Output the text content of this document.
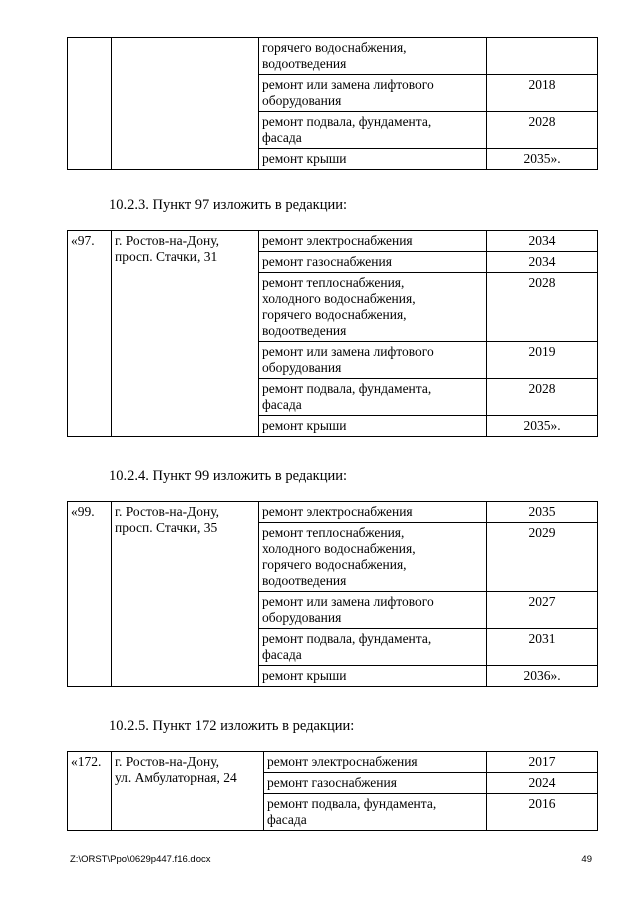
		горячего водоснабжения,
водоотведения	

		ремонт или замена лифтового
оборудования	2018

		ремонт подвала, фундамента,
фасада	2028

		ремонт крыши	2035».
10.2.3. Пункт 97 изложить в редакции:
«97.	г. Ростов-на-Дону,
просп. Стачки, 31	ремонт электроснабжения	2034

		ремонт газоснабжения	2034

		ремонт теплоснабжения,
холодного водоснабжения,
горячего водоснабжения,
водоотведения	2028

		ремонт или замена лифтового
оборудования	2019

		ремонт подвала, фундамента,
фасада	2028

		ремонт крыши	2035».
10.2.4. Пункт 99 изложить в редакции:
«99.	г. Ростов-на-Дону,
просп. Стачки, 35	ремонт электроснабжения	2035

		ремонт теплоснабжения,
холодного водоснабжения,
горячего водоснабжения,
водоотведения	2029

		ремонт или замена лифтового
оборудования	2027

		ремонт подвала, фундамента,
фасада	2031

		ремонт крыши	2036».
10.2.5. Пункт 172 изложить в редакции:
«172.	г. Ростов-на-Дону,
ул. Амбулаторная, 24	ремонт электроснабжения	2017

		ремонт газоснабжения	2024

		ремонт подвала, фундамента,
фасада	2016
Z:\ORST\Ppo\0629p447.f16.docx	49
